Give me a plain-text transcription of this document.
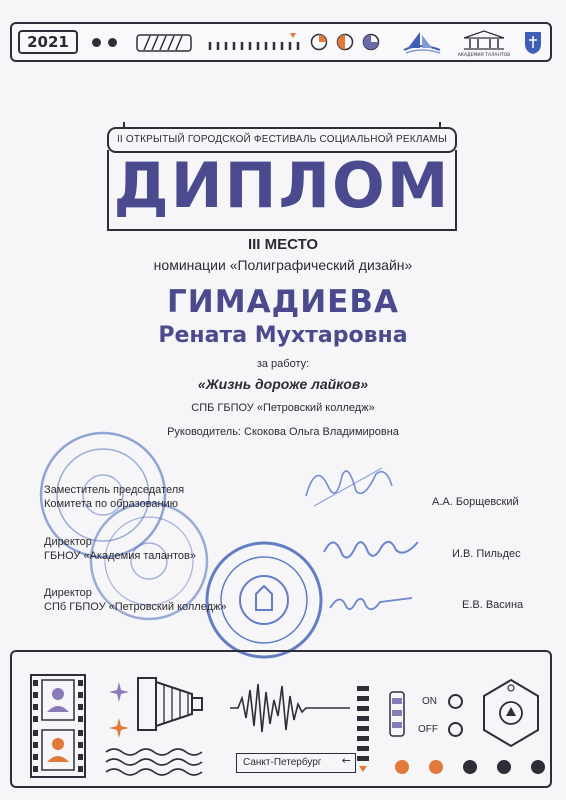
2021
АКАДЕМИЯ ТАЛАНТОВ
II ОТКРЫТЫЙ ГОРОДСКОЙ ФЕСТИВАЛЬ СОЦИАЛЬНОЙ РЕКЛАМЫ
ДИПЛОМ
III МЕСТО
номинации «Полиграфический дизайн»
ГИМАДИЕВА
Рената Мухтаровна
за работу:
«Жизнь дороже лайков»
СПБ ГБПОУ «Петровский колледж»
Руководитель: Скокова Ольга Владимировна
Заместитель председателя
Комитета по образованию	А.А. Борщевский
Директор
ГБНОУ «Академия талантов»	И.В. Пильдес
Директор
СПб ГБПОУ «Петровский колледж»	Е.В. Васина
Санкт-Петербург ←
ON
OFF
